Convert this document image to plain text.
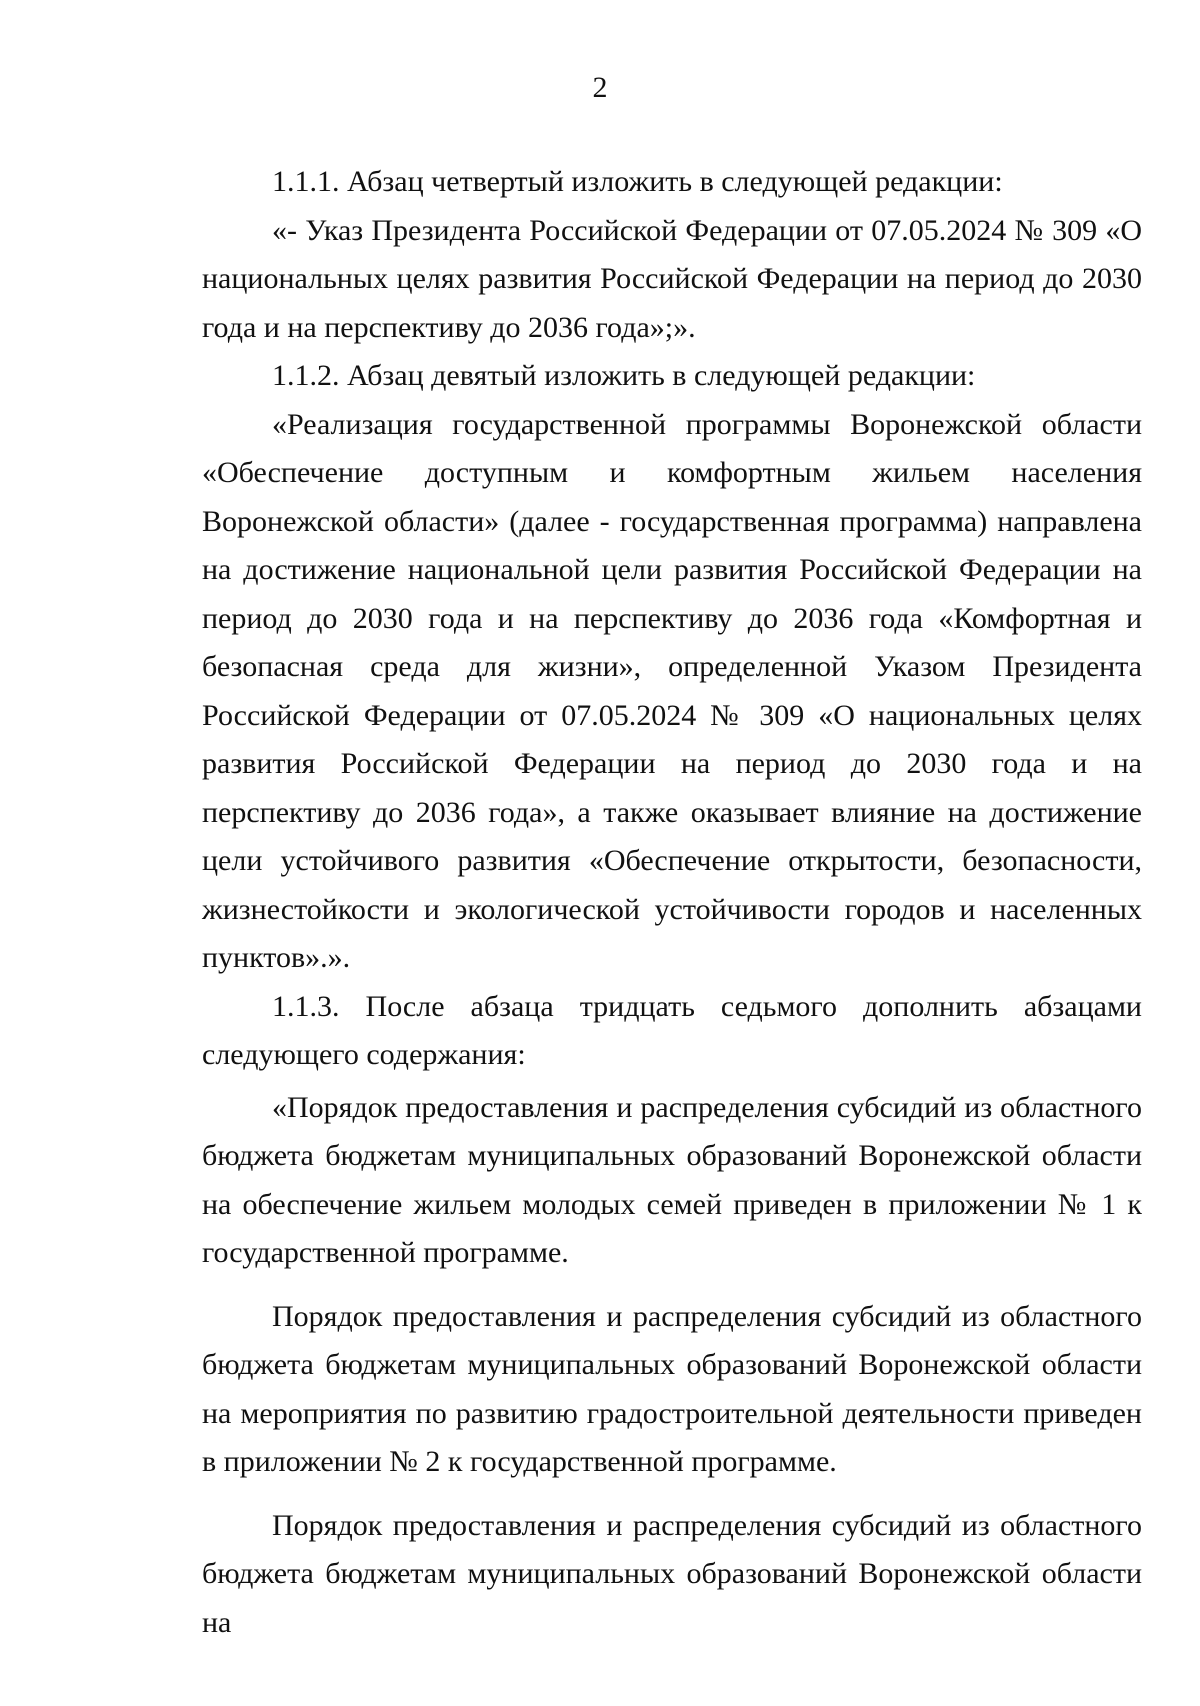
2

1.1.1. Абзац четвертый изложить в следующей редакции:

«- Указ Президента Российской Федерации от 07.05.2024 № 309 «О национальных целях развития Российской Федерации на период до 2030 года и на перспективу до 2036 года»;».

1.1.2. Абзац девятый изложить в следующей редакции:

«Реализация государственной программы Воронежской области «Обеспечение доступным и комфортным жильем населения Воронежской области» (далее - государственная программа) направлена на достижение национальной цели развития Российской Федерации на период до 2030 года и на перспективу до 2036 года «Комфортная и безопасная среда для жизни», определенной Указом Президента Российской Федерации от 07.05.2024 № 309 «О национальных целях развития Российской Федерации на период до 2030 года и на перспективу до 2036 года», а также оказывает влияние на достижение цели устойчивого развития «Обеспечение открытости, безопасности, жизнестойкости и экологической устойчивости городов и населенных пунктов».».

1.1.3. После абзаца тридцать седьмого дополнить абзацами следующего содержания:

«Порядок предоставления и распределения субсидий из областного бюджета бюджетам муниципальных образований Воронежской области на обеспечение жильем молодых семей приведен в приложении № 1 к государственной программе.

Порядок предоставления и распределения субсидий из областного бюджета бюджетам муниципальных образований Воронежской области на мероприятия по развитию градостроительной деятельности приведен в приложении № 2 к государственной программе.

Порядок предоставления и распределения субсидий из областного бюджета бюджетам муниципальных образований Воронежской области на
